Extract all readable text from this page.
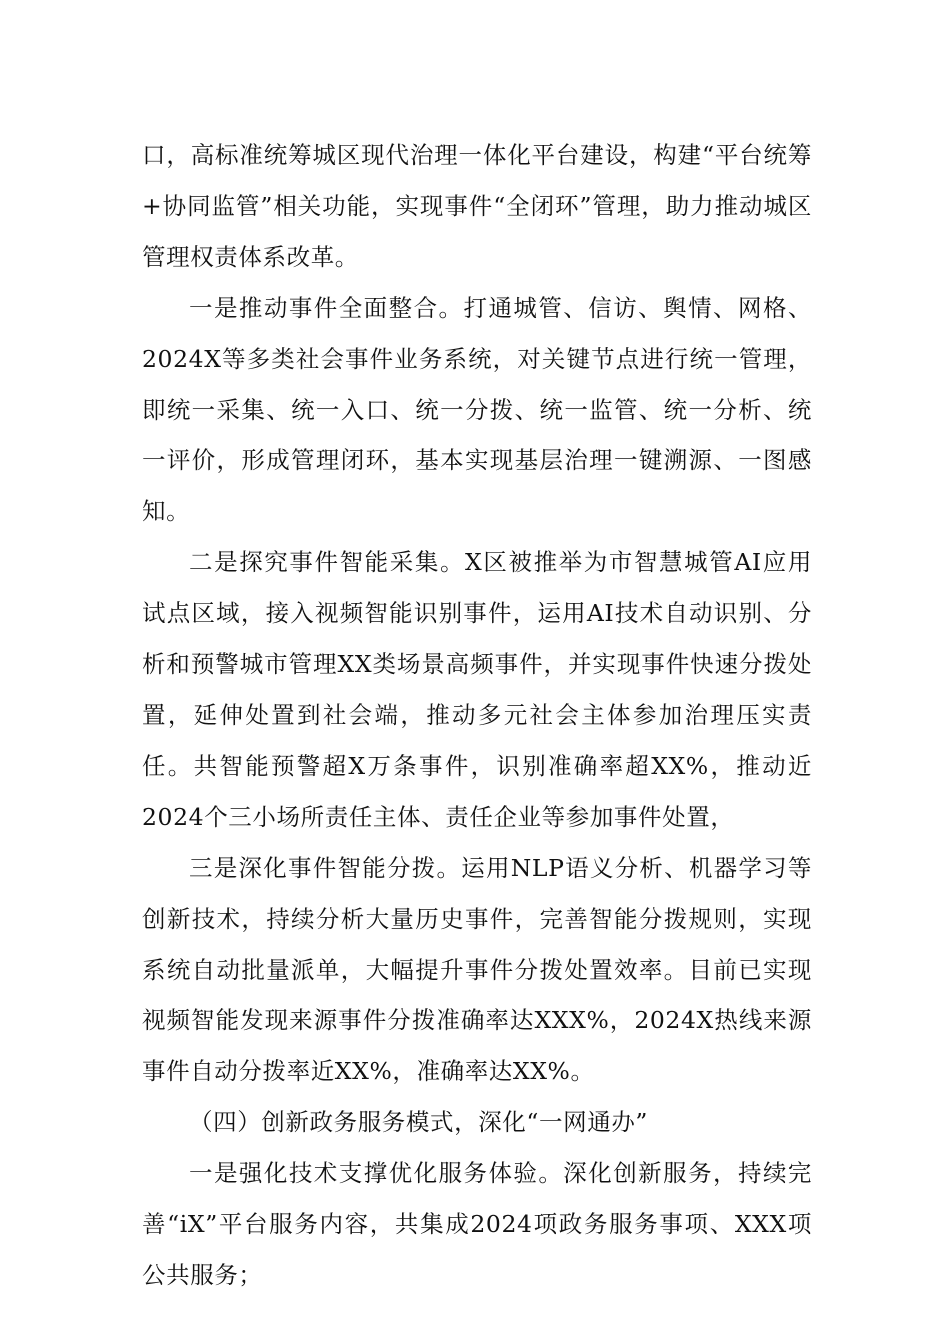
口，高标准统筹城区现代治理一体化平台建设，构建“平台统筹+协同监管”相关功能，实现事件“全闭环”管理，助力推动城区管理权责体系改革。

一是推动事件全面整合。打通城管、信访、舆情、网格、2024X等多类社会事件业务系统，对关键节点进行统一管理，即统一采集、统一入口、统一分拨、统一监管、统一分析、统一评价，形成管理闭环，基本实现基层治理一键溯源、一图感知。

二是探究事件智能采集。X区被推举为市智慧城管AI应用试点区域，接入视频智能识别事件，运用AI技术自动识别、分析和预警城市管理XX类场景高频事件，并实现事件快速分拨处置，延伸处置到社会端，推动多元社会主体参加治理压实责任。共智能预警超X万条事件，识别准确率超XX%，推动近2024个三小场所责任主体、责任企业等参加事件处置，

三是深化事件智能分拨。运用NLP语义分析、机器学习等创新技术，持续分析大量历史事件，完善智能分拨规则，实现系统自动批量派单，大幅提升事件分拨处置效率。目前已实现视频智能发现来源事件分拨准确率达XXX%，2024X热线来源事件自动分拨率近XX%，准确率达XX%。

（四）创新政务服务模式，深化“一网通办”

一是强化技术支撑优化服务体验。深化创新服务，持续完善“iX”平台服务内容，共集成2024项政务服务事项、XXX项公共服务；
